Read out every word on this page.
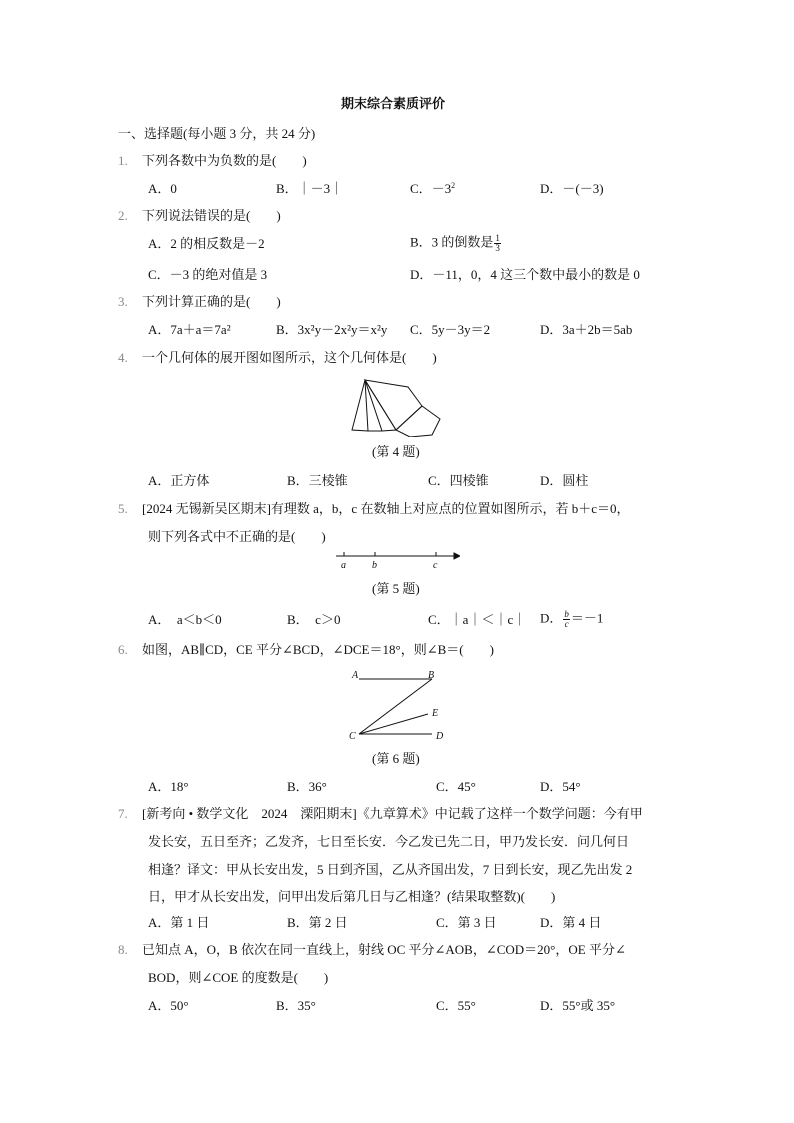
期末综合素质评价
一、选择题(每小题 3 分，共 24 分)
1. 下列各数中为负数的是(　　)
A．0	B．｜－3｜	C．$-3^2$	D．－(－3)
2. 下列说法错误的是(　　)
A．2 的相反数是－2	B．3 的倒数是 $\frac{1}{3}$
C．－3 的绝对值是 3	D．－11，0，4 这三个数中最小的数是 0
3. 下列计算正确的是(　　)
A．7a＋a＝7a²	B．3x²y－2x²y＝x²y C．5y－3y＝2	D．3a＋2b＝5ab
4. 一个几何体的展开图如图所示，这个几何体是(　　)
(第 4 题)
A．正方体	B．三棱锥	C．四棱锥	D．圆柱
5. [2024 无锡新吴区期末]有理数 a，b，c 在数轴上对应点的位置如图所示，若 b＋c＝0，
则下列各式中不正确的是(　　)
a	b	c
(第 5 题)
A．　a＜b＜0	B．　c＞0	C．｜a｜＜｜c｜ D． $\frac{b}{c} =-1$
6. 如图，AB∥CD，CE 平分∠BCD，∠DCE＝18°，则∠B＝(　　)
A	B
E
C	D
(第 6 题)
A．18°	B．36°	C．45°	D．54°
7. [新考向 • 数学文化　2024　溧阳期末]《九章算术》中记载了这样一个数学问题：今有甲
发长安，五日至齐；乙发齐，七日至长安．今乙发已先二日，甲乃发长安．问几何日
相逢？译文：甲从长安出发，5 日到齐国，乙从齐国出发，7 日到长安，现乙先出发 2
日，甲才从长安出发，问甲出发后第几日与乙相逢？(结果取整数)(　　)
A．第 1 日	B．第 2 日	C．第 3 日	D．第 4 日
8. 已知点 A，O，B 依次在同一直线上，射线 OC 平分∠AOB，∠COD＝20°，OE 平分∠
BOD，则∠COE 的度数是(　　)
A．50°	B．35°	C．55°	D．55°或 35°
